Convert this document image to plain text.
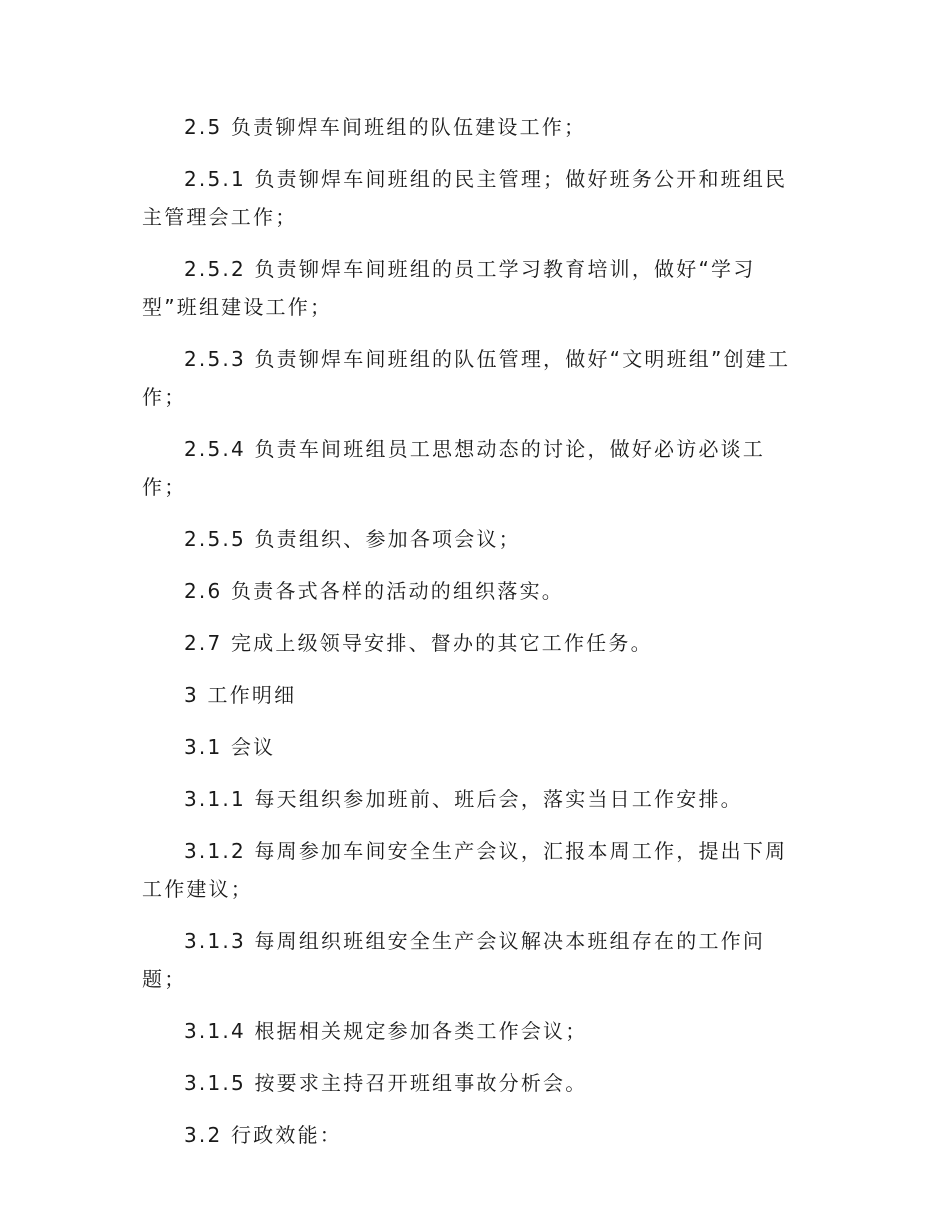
2.5 负责铆焊车间班组的队伍建设工作；

2.5.1 负责铆焊车间班组的民主管理；做好班务公开和班组民主管理会工作；

2.5.2 负责铆焊车间班组的员工学习教育培训，做好“学习型”班组建设工作；

2.5.3 负责铆焊车间班组的队伍管理，做好“文明班组”创建工作；

2.5.4 负责车间班组员工思想动态的讨论，做好必访必谈工作；

2.5.5 负责组织、参加各项会议；

2.6 负责各式各样的活动的组织落实。

2.7 完成上级领导安排、督办的其它工作任务。

3 工作明细

3.1 会议

3.1.1 每天组织参加班前、班后会，落实当日工作安排。

3.1.2 每周参加车间安全生产会议，汇报本周工作，提出下周工作建议；

3.1.3 每周组织班组安全生产会议解决本班组存在的工作问题；

3.1.4 根据相关规定参加各类工作会议；

3.1.5 按要求主持召开班组事故分析会。

3.2 行政效能：
